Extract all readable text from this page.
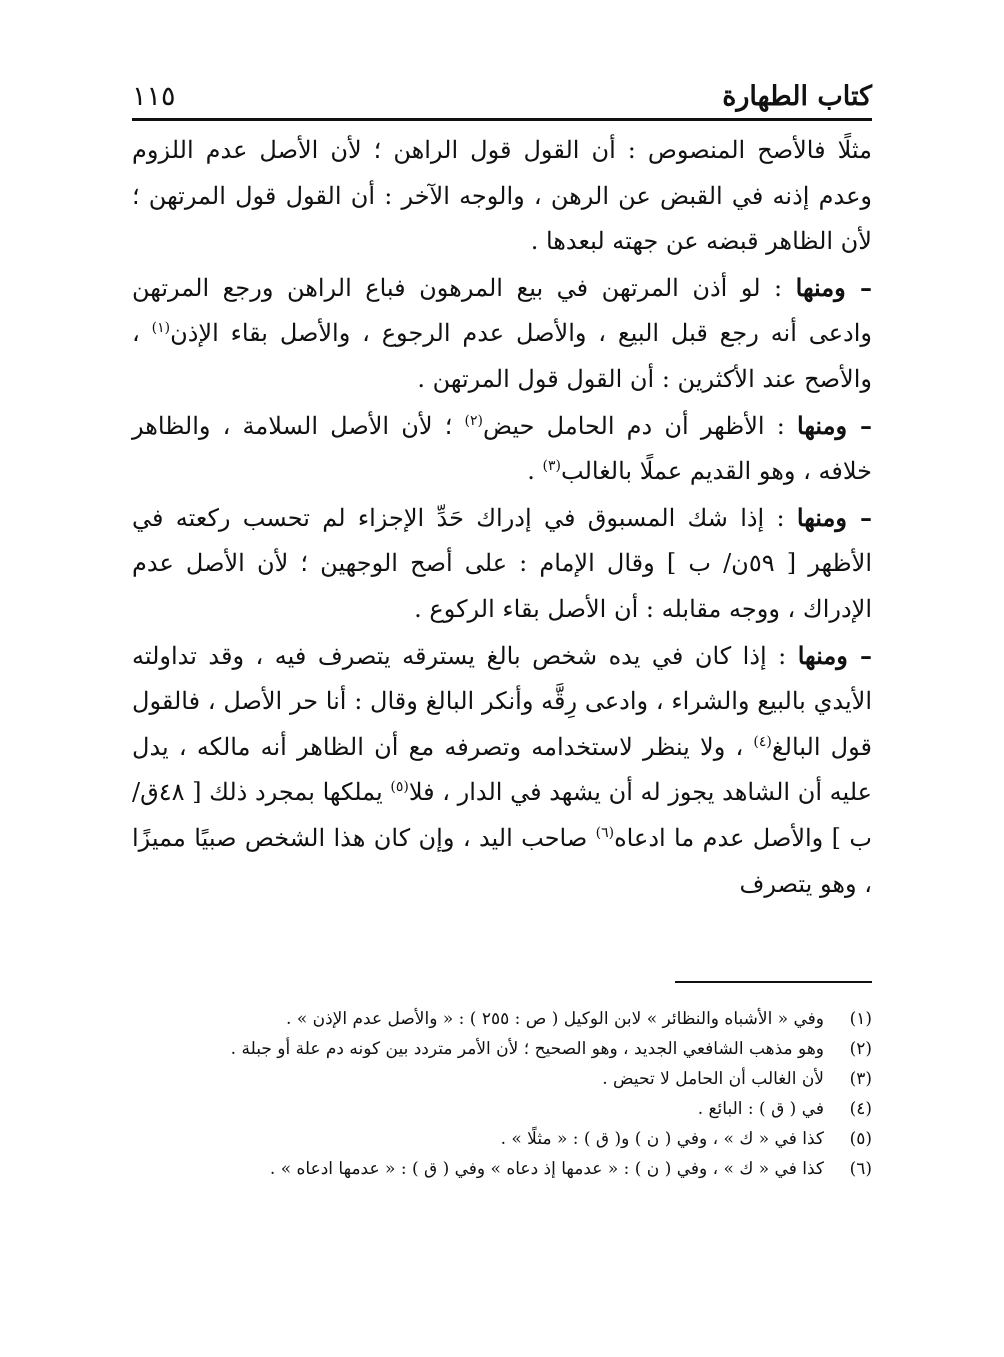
كتاب الطهارة
١١٥

مثلًا فالأصح المنصوص : أن القول قول الراهن ؛ لأن الأصل عدم اللزوم وعدم إذنه في القبض عن الرهن ، والوجه الآخر : أن القول قول المرتهن ؛ لأن الظاهر قبضه عن جهته لبعدها .

– ومنها : لو أذن المرتهن في بيع المرهون فباع الراهن ورجع المرتهن وادعى أنه رجع قبل البيع ، والأصل عدم الرجوع ، والأصل بقاء الإذن$^{(١)}$ ، والأصح عند الأكثرين : أن القول قول المرتهن .

– ومنها : الأظهر أن دم الحامل حيض$^{(٢)}$ ؛ لأن الأصل السلامة ، والظاهر خلافه ، وهو القديم عملًا بالغالب$^{(٣)}$ .

– ومنها : إذا شك المسبوق في إدراك حَدِّ الإجزاء لم تحسب ركعته في الأظهر [ ٥٩ن/ ب ] وقال الإمام : على أصح الوجهين ؛ لأن الأصل عدم الإدراك ، ووجه مقابله : أن الأصل بقاء الركوع .

– ومنها : إذا كان في يده شخص بالغ يسترقه يتصرف فيه ، وقد تداولته الأيدي بالبيع والشراء ، وادعى رِقَّه وأنكر البالغ وقال : أنا حر الأصل ، فالقول قول البالغ$^{(٤)}$ ، ولا ينظر لاستخدامه وتصرفه مع أن الظاهر أنه مالكه ، يدل عليه أن الشاهد يجوز له أن يشهد في الدار ، فلا$^{(٥)}$ يملكها بمجرد ذلك [ ٤٨ق/ ب ] والأصل عدم ما ادعاه$^{(٦)}$ صاحب اليد ، وإن كان هذا الشخص صبيًا مميزًا ، وهو يتصرف

(١)
وفي « الأشباه والنظائر » لابن الوكيل ( ص : ٢٥٥ ) : « والأصل عدم الإذن » .
(٢)
وهو مذهب الشافعي الجديد ، وهو الصحيح ؛ لأن الأمر متردد بين كونه دم علة أو جبلة .
(٣)
لأن الغالب أن الحامل لا تحيض .
(٤)
في ( ق ) : البائع .
(٥)
كذا في « ك » ، وفي ( ن ) و( ق ) : « مثلًا » .
(٦)
كذا في « ك » ، وفي ( ن ) : « عدمها إذ دعاه » وفي ( ق ) : « عدمها ادعاه » .
